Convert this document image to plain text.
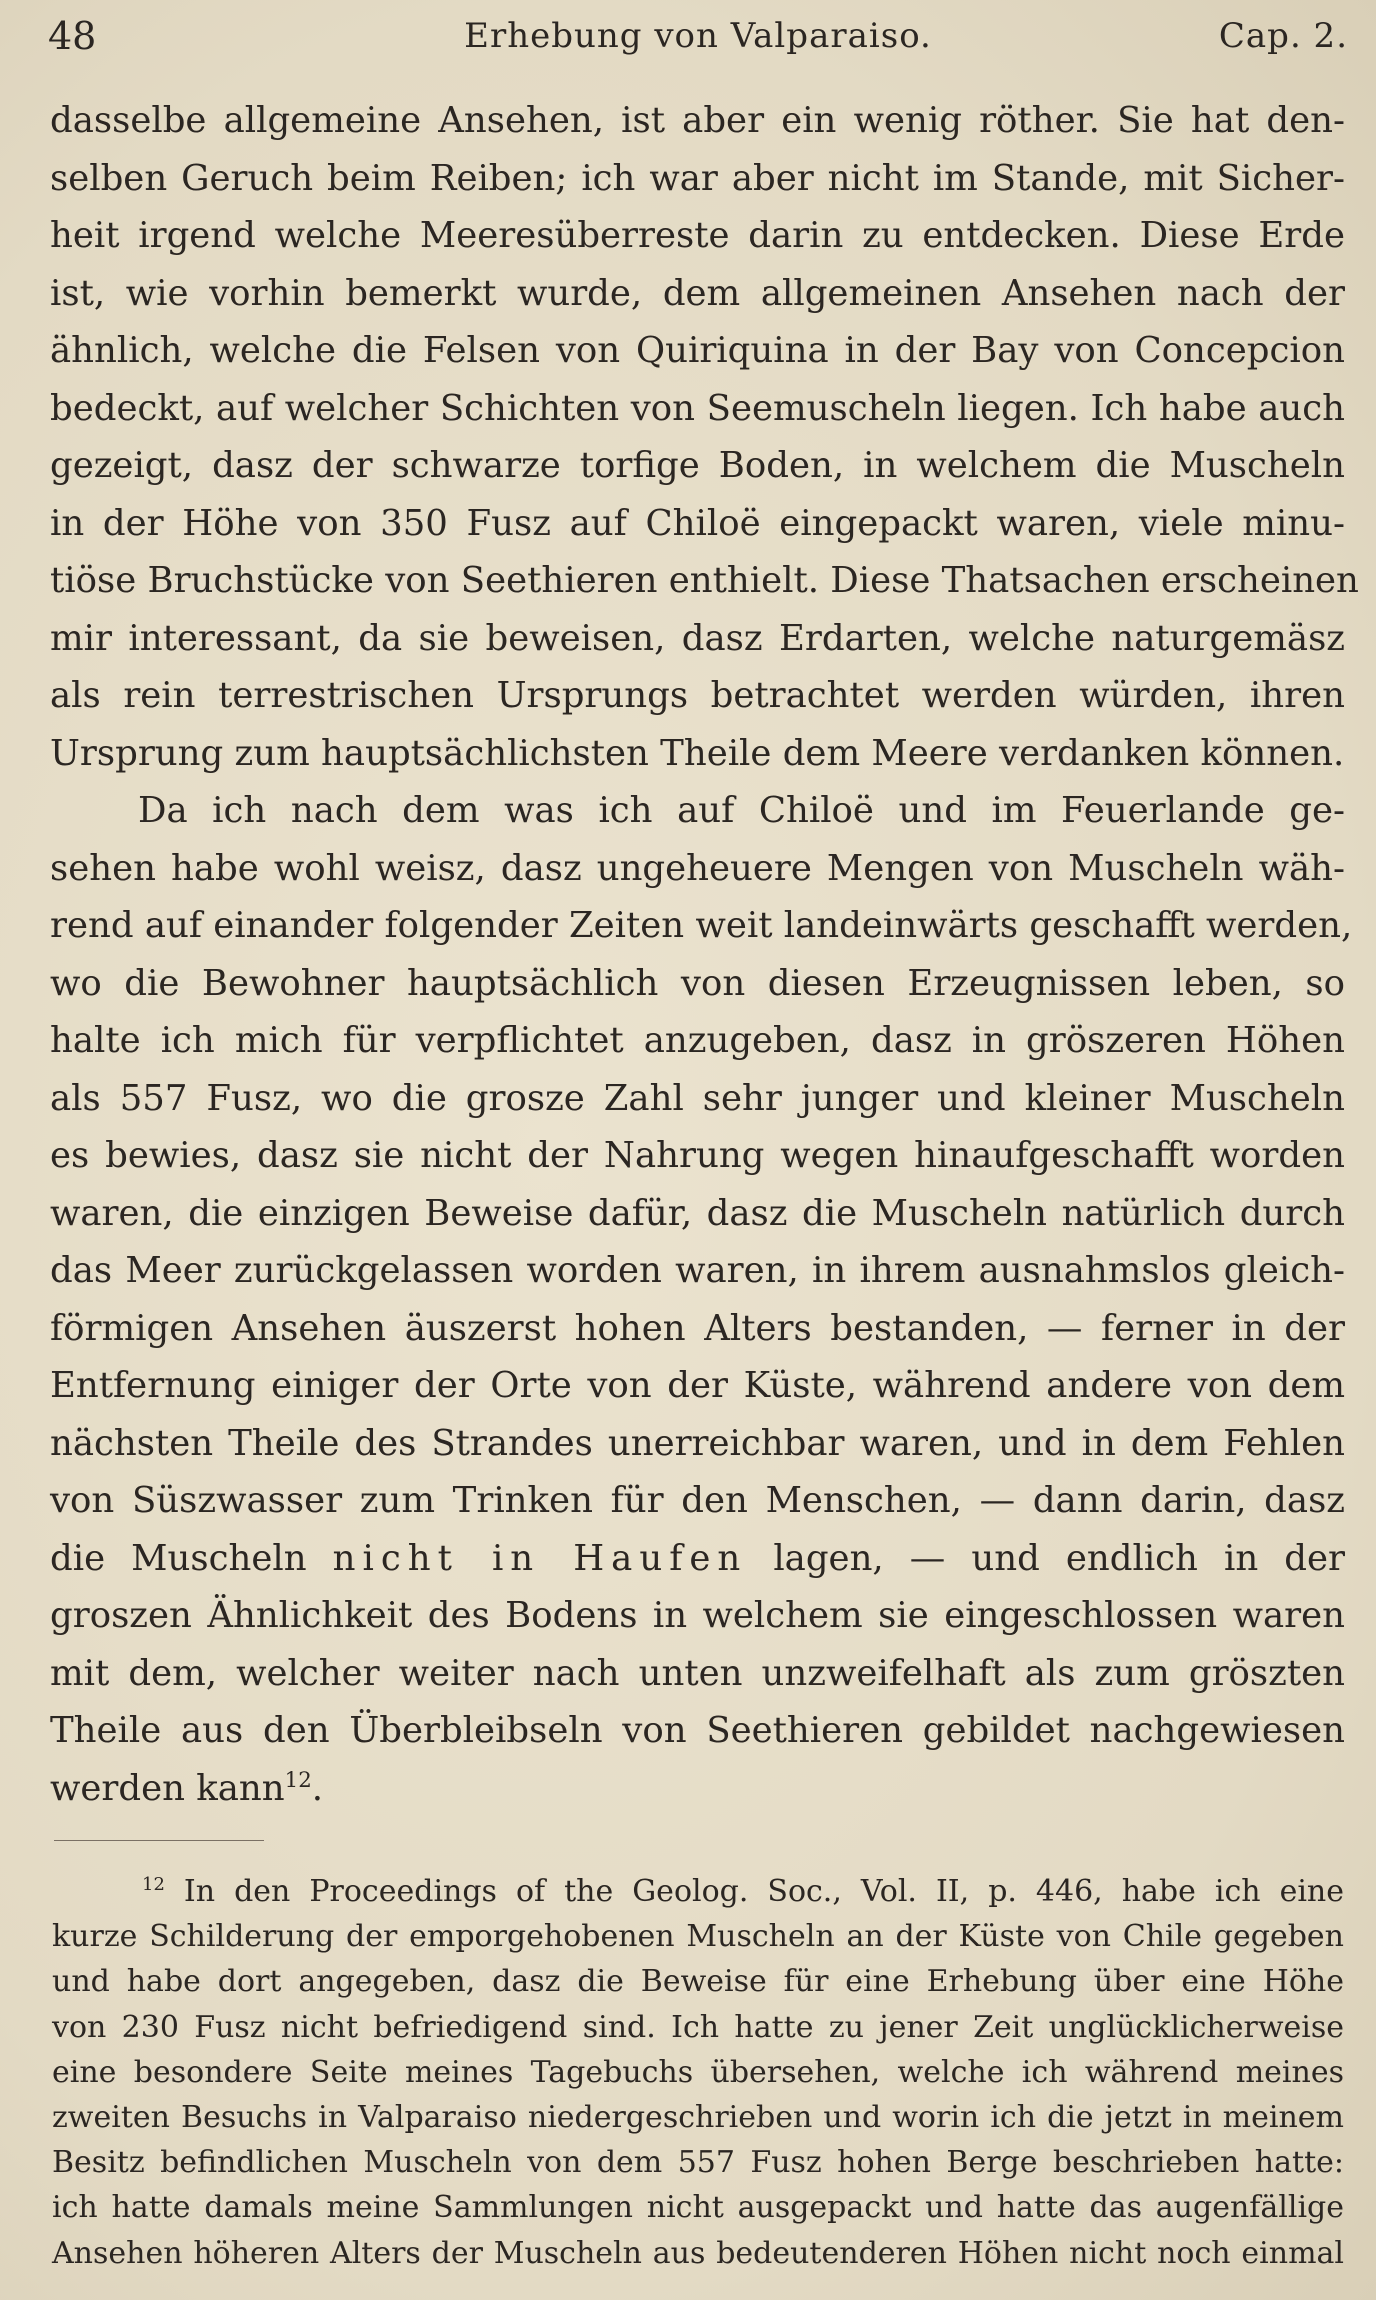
48	Erhebung von Valparaiso.	Cap. 2.
dasselbe allgemeine Ansehen, ist aber ein wenig röther. Sie hat den-
selben Geruch beim Reiben; ich war aber nicht im Stande, mit Sicher-
heit irgend welche Meeresüberreste darin zu entdecken. Diese Erde
ist, wie vorhin bemerkt wurde, dem allgemeinen Ansehen nach der
ähnlich, welche die Felsen von Quiriquina in der Bay von Concepcion
bedeckt, auf welcher Schichten von Seemuscheln liegen. Ich habe auch
gezeigt, dasz der schwarze torfige Boden, in welchem die Muscheln
in der Höhe von 350 Fusz auf Chiloë eingepackt waren, viele minu-
tiöse Bruchstücke von Seethieren enthielt. Diese Thatsachen erscheinen
mir interessant, da sie beweisen, dasz Erdarten, welche naturgemäsz
als rein terrestrischen Ursprungs betrachtet werden würden, ihren
Ursprung zum hauptsächlichsten Theile dem Meere verdanken können.
Da ich nach dem was ich auf Chiloë und im Feuerlande ge-
sehen habe wohl weisz, dasz ungeheuere Mengen von Muscheln wäh-
rend auf einander folgender Zeiten weit landeinwärts geschafft werden,
wo die Bewohner hauptsächlich von diesen Erzeugnissen leben, so
halte ich mich für verpflichtet anzugeben, dasz in gröszeren Höhen
als 557 Fusz, wo die grosze Zahl sehr junger und kleiner Muscheln
es bewies, dasz sie nicht der Nahrung wegen hinaufgeschafft worden
waren, die einzigen Beweise dafür, dasz die Muscheln natürlich durch
das Meer zurückgelassen worden waren, in ihrem ausnahmslos gleich-
förmigen Ansehen äuszerst hohen Alters bestanden, — ferner in der
Entfernung einiger der Orte von der Küste, während andere von dem
nächsten Theile des Strandes unerreichbar waren, und in dem Fehlen
von Süszwasser zum Trinken für den Menschen, — dann darin, dasz
die Muscheln nicht in Haufen lagen, — und endlich in der
groszen Ähnlichkeit des Bodens in welchem sie eingeschlossen waren
mit dem, welcher weiter nach unten unzweifelhaft als zum gröszten
Theile aus den Überbleibseln von Seethieren gebildet nachgewiesen
werden kann$^{12}$.
$^{12}$ In den Proceedings of the Geolog. Soc., Vol. II, p. 446, habe ich eine
kurze Schilderung der emporgehobenen Muscheln an der Küste von Chile gegeben
und habe dort angegeben, dasz die Beweise für eine Erhebung über eine Höhe
von 230 Fusz nicht befriedigend sind. Ich hatte zu jener Zeit unglücklicherweise
eine besondere Seite meines Tagebuchs übersehen, welche ich während meines
zweiten Besuchs in Valparaiso niedergeschrieben und worin ich die jetzt in meinem
Besitz befindlichen Muscheln von dem 557 Fusz hohen Berge beschrieben hatte:
ich hatte damals meine Sammlungen nicht ausgepackt und hatte das augenfällige
Ansehen höheren Alters der Muscheln aus bedeutenderen Höhen nicht noch einmal
